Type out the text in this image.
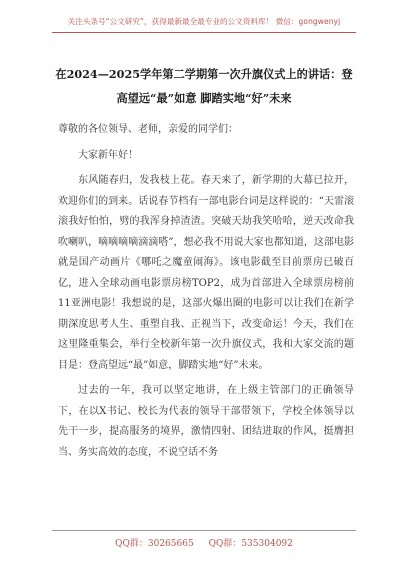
关注头条号“公文研究”，获得最新最全最专业的公文资料库！ 微信：gongwenyj
在2024—2025学年第二学期第一次升旗仪式上的讲话：登
高望远“最”如意 脚踏实地“好”未来

尊敬的各位领导、老师，亲爱的同学们：

大家新年好！

东风随春归，发我枝上花。春天来了，新学期的大幕已拉开，欢迎你们的到来。话说春节档有一部电影台词是这样说的：“天雷滚滚我好怕怕，劈的我浑身掉渣渣。突破天劫我笑哈哈，逆天改命我吹喇叭，嘀嘀嘀嘀滴滴嗒”，想必我不用说大家也都知道，这部电影就是国产动画片《哪吒之魔童闹海》。该电影截至目前票房已破百亿，进入全球动画电影票房榜TOP2，成为首部进入全球票房榜前11亚洲电影！我想说的是，这部火爆出圈的电影可以让我们在新学期深度思考人生、重塑自我、正视当下，改变命运！今天，我们在这里隆重集会，举行全校新年第一次升旗仪式，我和大家交流的题目是：登高望远“最”如意，脚踏实地“好”未来。

过去的一年，我可以坚定地讲，在上级主管部门的正确领导下，在以X书记、校长为代表的领导干部带领下，学校全体领导以先干一步，提高服务的境界，激情四射、团结进取的作风，挺膺担当、务实高效的态度，不说空话不务

QQ群：30265665 QQ群：535304092
